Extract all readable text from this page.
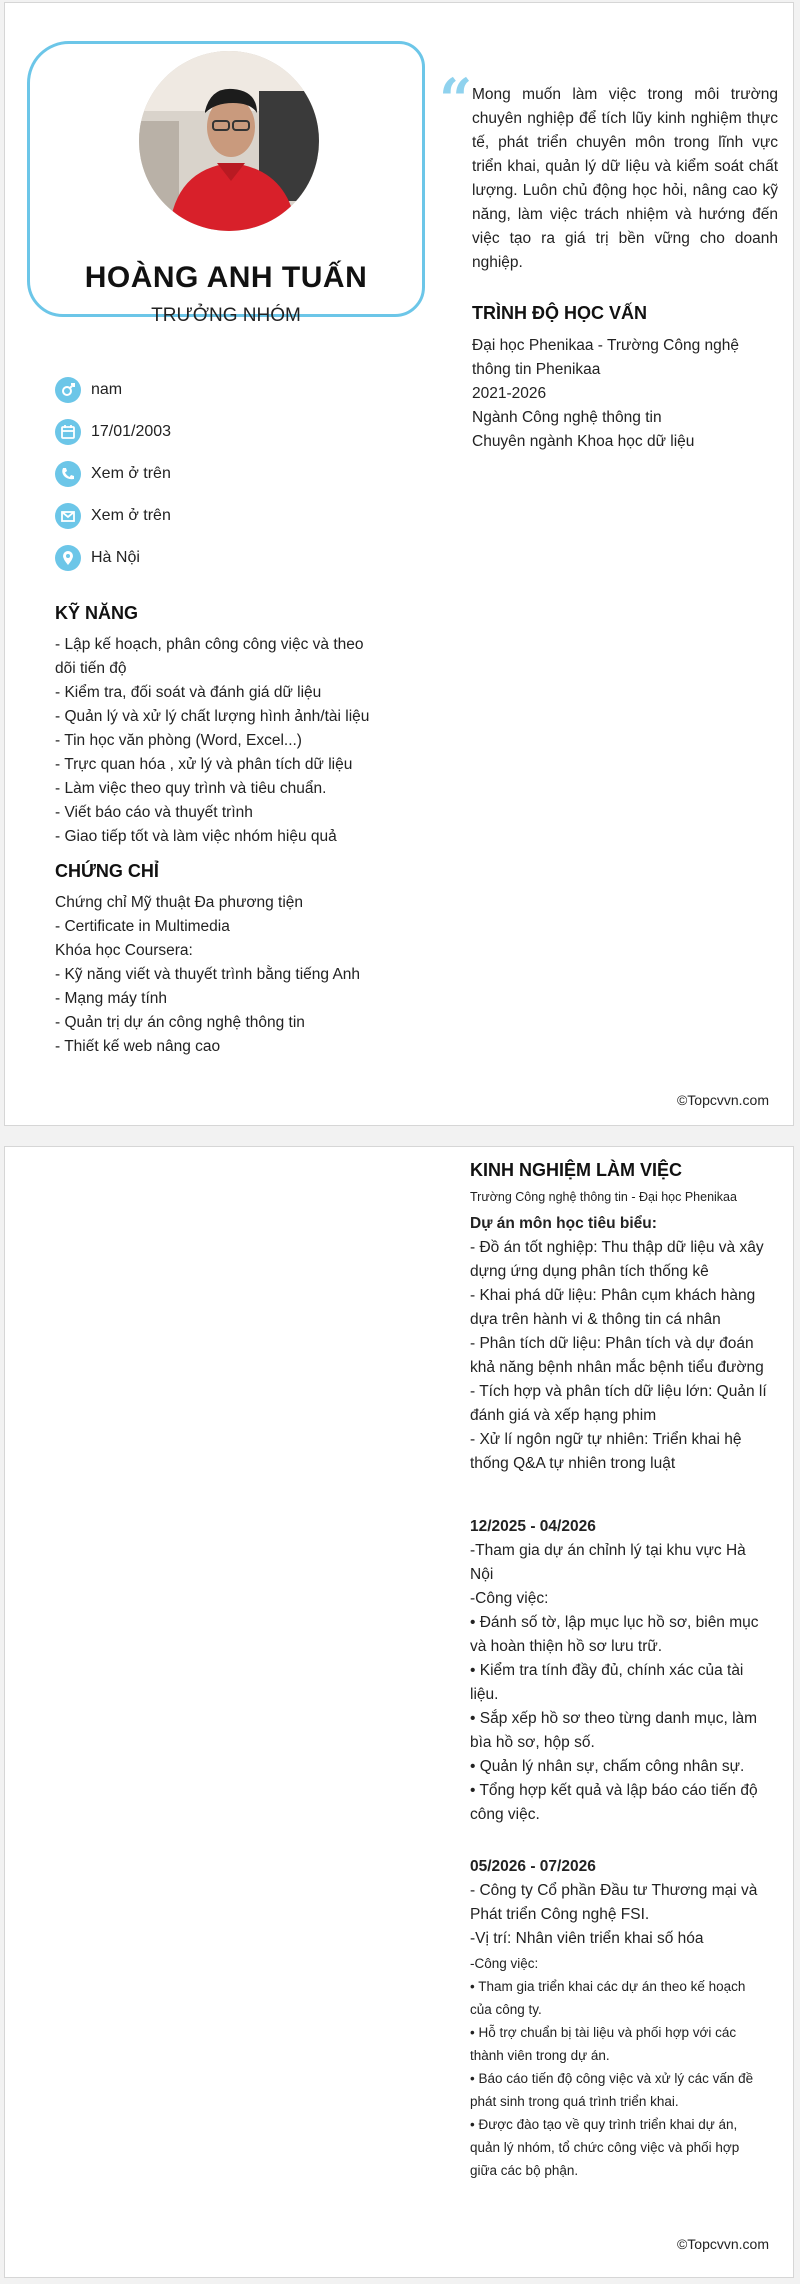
HOÀNG ANH TUẤN
TRƯỞNG NHÓM
“ Mong muốn làm việc trong môi trường chuyên nghiệp để tích lũy kinh nghiệm thực tế, phát triển chuyên môn trong lĩnh vực triển khai, quản lý dữ liệu và kiểm soát chất lượng. Luôn chủ động học hỏi, nâng cao kỹ năng, làm việc trách nhiệm và hướng đến việc tạo ra giá trị bền vững cho doanh nghiệp.
TRÌNH ĐỘ HỌC VẤN
Đại học Phenikaa - Trường Công nghệ
thông tin Phenikaa
2021-2026
Ngành Công nghệ thông tin
Chuyên ngành Khoa học dữ liệu
nam
17/01/2003
Xem ở trên
Xem ở trên
Hà Nội
KỸ NĂNG
- Lập kế hoạch, phân công công việc và theo
dõi tiến độ
- Kiểm tra, đối soát và đánh giá dữ liệu
- Quản lý và xử lý chất lượng hình ảnh/tài liệu
- Tin học văn phòng (Word, Excel...)
- Trực quan hóa , xử lý và phân tích dữ liệu
- Làm việc theo quy trình và tiêu chuẩn.
- Viết báo cáo và thuyết trình
- Giao tiếp tốt và làm việc nhóm hiệu quả
CHỨNG CHỈ
Chứng chỉ Mỹ thuật Đa phương tiện
- Certificate in Multimedia
Khóa học Coursera:
- Kỹ năng viết và thuyết trình bằng tiếng Anh
- Mạng máy tính
- Quản trị dự án công nghệ thông tin
- Thiết kế web nâng cao
©Topcvvn.com
©Topcvvn.com
KINH NGHIỆM LÀM VIỆC
Trường Công nghệ thông tin - Đại học Phenikaa
Dự án môn học tiêu biểu:
- Đồ án tốt nghiệp: Thu thập dữ liệu và xây
dựng ứng dụng phân tích thống kê
- Khai phá dữ liệu: Phân cụm khách hàng
dựa trên hành vi & thông tin cá nhân
- Phân tích dữ liệu: Phân tích và dự đoán
khả năng bệnh nhân mắc bệnh tiểu đường
- Tích hợp và phân tích dữ liệu lớn: Quản lí
đánh giá và xếp hạng phim
- Xử lí ngôn ngữ tự nhiên: Triển khai hệ
thống Q&A tự nhiên trong luật
12/2025 - 04/2026
-Tham gia dự án chỉnh lý tại khu vực Hà
Nội
-Công việc:
• Đánh số tờ, lập mục lục hồ sơ, biên mục
và hoàn thiện hồ sơ lưu trữ.
• Kiểm tra tính đầy đủ, chính xác của tài
liệu.
• Sắp xếp hồ sơ theo từng danh mục, làm
bìa hồ sơ, hộp số.
• Quản lý nhân sự, chấm công nhân sự.
• Tổng hợp kết quả và lập báo cáo tiến độ
công việc.
05/2026 - 07/2026
- Công ty Cổ phần Đầu tư Thương mại và
Phát triển Công nghệ FSI.
-Vị trí: Nhân viên triển khai số hóa
-Công việc:
• Tham gia triển khai các dự án theo kế hoạch
của công ty.
• Hỗ trợ chuẩn bị tài liệu và phối hợp với các
thành viên trong dự án.
• Báo cáo tiến độ công việc và xử lý các vấn đề
phát sinh trong quá trình triển khai.
• Được đào tạo về quy trình triển khai dự án,
quản lý nhóm, tổ chức công việc và phối hợp
giữa các bộ phận.
